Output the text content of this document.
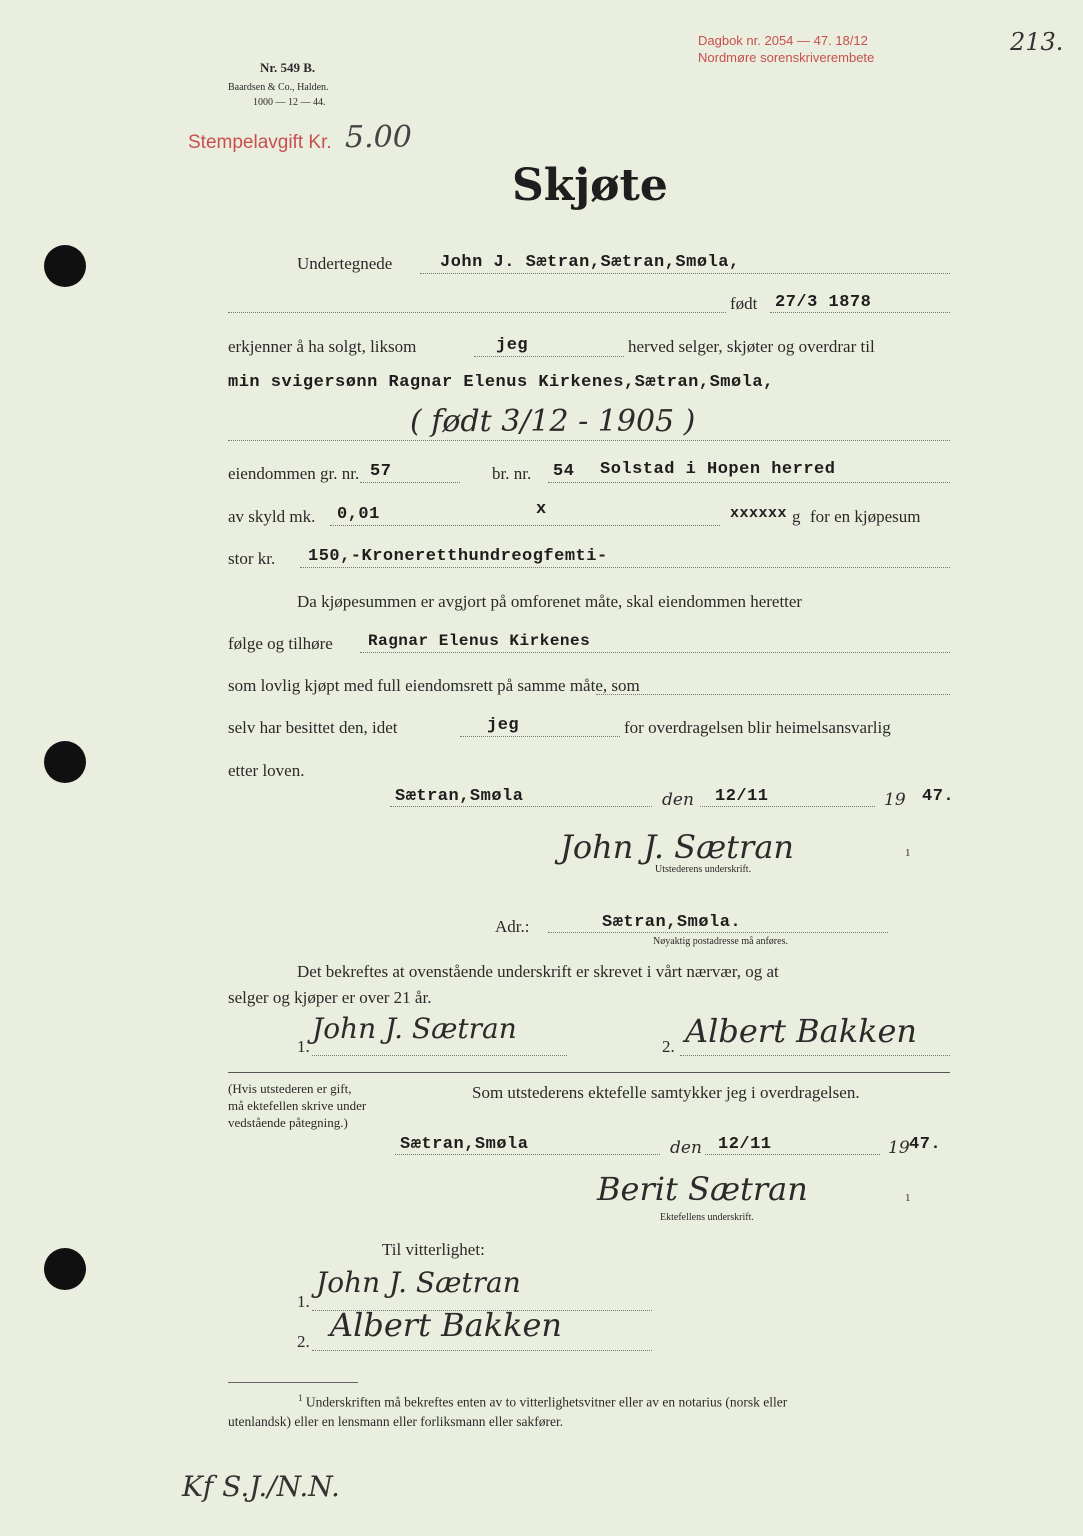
Nr. 549 B.
Baardsen & Co., Halden.
1000 — 12 — 44.
Stempelavgift Kr. 5.00
Dagbok nr. 2054 — 47. 18/12
Nordmøre sorenskriverembete
213.
Skjøte
Undertegnede	John J. Sætran,Sætran,Smøla,
født 27/3 1878
erkjenner å ha solgt, liksom	jeg	herved selger, skjøter og overdrar til
min svigersønn Ragnar Elenus Kirkenes,Sætran,Smøla,
( født 3/12 - 1905 )
eiendommen gr. nr. 57	br. nr. 54 Solstad i Hopen herred
av skyld mk. 0,01	x	xxxxxx g for en kjøpesum
stor kr. 150,-Kroneretthundreogfemti-
Da kjøpesummen er avgjort på omforenet måte, skal eiendommen heretter
følge og tilhøre Ragnar Elenus Kirkenes
som lovlig kjøpt med full eiendomsrett på samme måte, som
selv har besittet den, idet	jeg	for overdragelsen blir heimelsansvarlig
etter loven.
Sætran,Smøla	den 12/11	19 47.
John J. Sætran	1
Utstederens underskrift.
Adr.:	Sætran,Smøla.
Nøyaktig postadresse må anføres.
Det bekreftes at ovenstående underskrift er skrevet i vårt nærvær, og at
selger og kjøper er over 21 år.
1.
John J. Sætran
2. Albert Bakken
(Hvis utstederen er gift,
må ektefellen skrive under
vedstående påtegning.)
Som utstederens ektefelle samtykker jeg i overdragelsen.
Sætran,Smøla	den 12/11	19 47.
Berit Sætran	1
Ektefellens underskrift.
Til vitterlighet:
1.
John J. Sætran
2. Albert Bakken
$^1$ Underskriften må bekreftes enten av to vitterlighetsvitner eller av en notarius (norsk eller
utenlandsk) eller en lensmann eller forliksmann eller sakfører.
Kf S.J./N.N.
